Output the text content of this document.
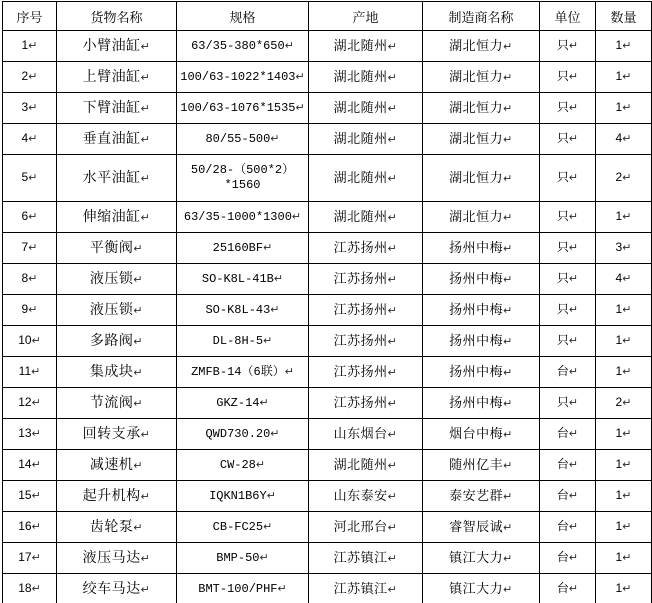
序号	货物名称	规格	产地	制造商名称	单位	数量

1↵	小臂油缸↵	63/35-380*650↵	湖北随州↵	湖北恒力↵	只↵	1↵

2↵	上臂油缸↵	100/63-1022*1403↵	湖北随州↵	湖北恒力↵	只↵	1↵

3↵	下臂油缸↵	100/63-1076*1535↵	湖北随州↵	湖北恒力↵	只↵	1↵

4↵	垂直油缸↵	80/55-500↵	湖北随州↵	湖北恒力↵	只↵	4↵

5↵	水平油缸↵	50/28-（500*2）
*1560	湖北随州↵	湖北恒力↵	只↵	2↵

6↵	伸缩油缸↵	63/35-1000*1300↵	湖北随州↵	湖北恒力↵	只↵	1↵

7↵	平衡阀↵	25160BF↵	江苏扬州↵	扬州中梅↵	只↵	3↵

8↵	液压锁↵	SO-K8L-41B↵	江苏扬州↵	扬州中梅↵	只↵	4↵

9↵	液压锁↵	SO-K8L-43↵	江苏扬州↵	扬州中梅↵	只↵	1↵

10↵	多路阀↵	DL-8H-5↵	江苏扬州↵	扬州中梅↵	只↵	1↵

11↵	集成块↵	ZMFB-14（6联）↵	江苏扬州↵	扬州中梅↵	台↵	1↵

12↵	节流阀↵	GKZ-14↵	江苏扬州↵	扬州中梅↵	只↵	2↵

13↵	回转支承↵	QWD730.20↵	山东烟台↵	烟台中梅↵	台↵	1↵

14↵	减速机↵	CW-28↵	湖北随州↵	随州亿丰↵	台↵	1↵

15↵	起升机构↵	IQKN1B6Y↵	山东泰安↵	泰安艺群↵	台↵	1↵

16↵	齿轮泵↵	CB-FC25↵	河北邢台↵	睿智辰诚↵	台↵	1↵

17↵	液压马达↵	BMP-50↵	江苏镇江↵	镇江大力↵	台↵	1↵

18↵	绞车马达↵	BMT-100/PHF↵	江苏镇江↵	镇江大力↵	台↵	1↵
